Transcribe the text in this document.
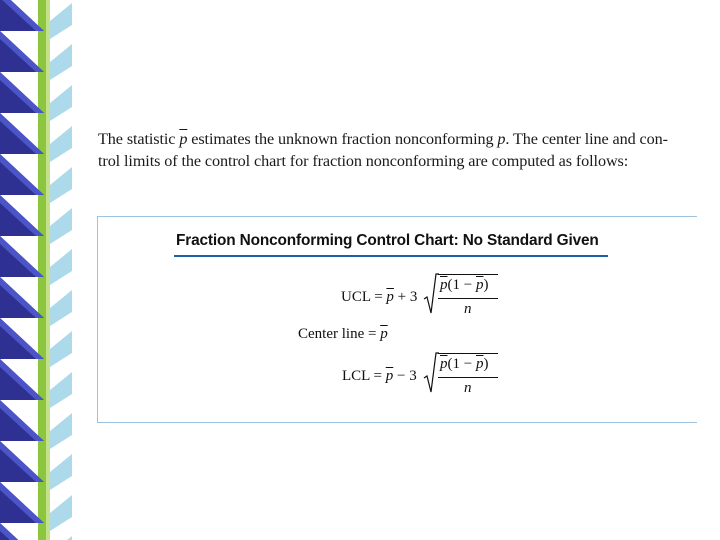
The statistic $\overline{p}$ estimates the unknown fraction nonconforming p. The center line and con-
trol limits of the control chart for fraction nonconforming are computed as follows:
Fraction Nonconforming Control Chart: No Standard Given
UCL = $\overline{p} + 3$
$\overline{p}(1 - \overline{p})$
n
Center line = $\overline{p}$
LCL = $\overline{p} - 3$
$\overline{p}(1 - \overline{p})$
n
